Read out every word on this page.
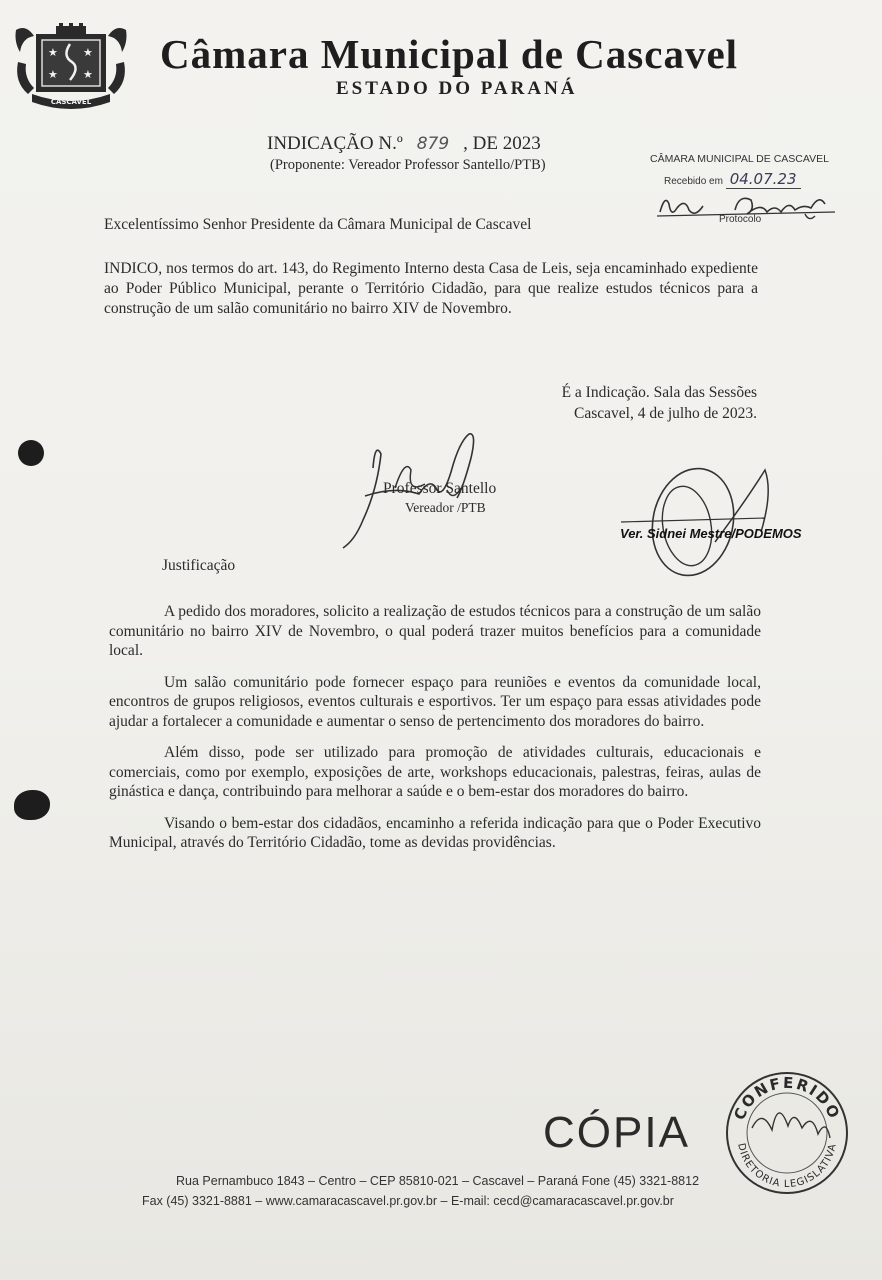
★ ★
★ ★
CASCAVEL
Câmara Municipal de Cascavel
ESTADO DO PARANÁ
INDICAÇÃO N.º 879 , DE 2023
(Proponente: Vereador Professor Santello/PTB)	CÂMARA MUNICIPAL DE CASCAVEL
Recebido em 04.07.23
Protocolo
Excelentíssimo Senhor Presidente da Câmara Municipal de Cascavel
INDICO, nos termos do art. 143, do Regimento Interno desta Casa de Leis, seja encaminhado expediente ao Poder Público Municipal, perante o Território Cidadão, para que realize estudos técnicos para a construção de um salão comunitário no bairro XIV de Novembro.
É a Indicação. Sala das Sessões
Cascavel, 4 de julho de 2023.
Professor Santello
Vereador /PTB
Ver. Sidnei Mestre/PODEMOS
Justificação

A pedido dos moradores, solicito a realização de estudos técnicos para a construção de um salão comunitário no bairro XIV de Novembro, o qual poderá trazer muitos benefícios para a comunidade local.

Um salão comunitário pode fornecer espaço para reuniões e eventos da comunidade local, encontros de grupos religiosos, eventos culturais e esportivos. Ter um espaço para essas atividades pode ajudar a fortalecer a comunidade e aumentar o senso de pertencimento dos moradores do bairro.

Além disso, pode ser utilizado para promoção de atividades culturais, educacionais e comerciais, como por exemplo, exposições de arte, workshops educacionais, palestras, feiras, aulas de ginástica e dança, contribuindo para melhorar a saúde e o bem-estar dos moradores do bairro.

Visando o bem-estar dos cidadãos, encaminho a referida indicação para que o Poder Executivo Municipal, através do Território Cidadão, tome as devidas providências.

CÓPIA	CONFERIDO
DIRETORIA LEGISLATIVA
Rua Pernambuco 1843 – Centro – CEP 85810-021 – Cascavel – Paraná Fone (45) 3321-8812
Fax (45) 3321-8881 – www.camaracascavel.pr.gov.br – E-mail: cecd@camaracascavel.pr.gov.br
